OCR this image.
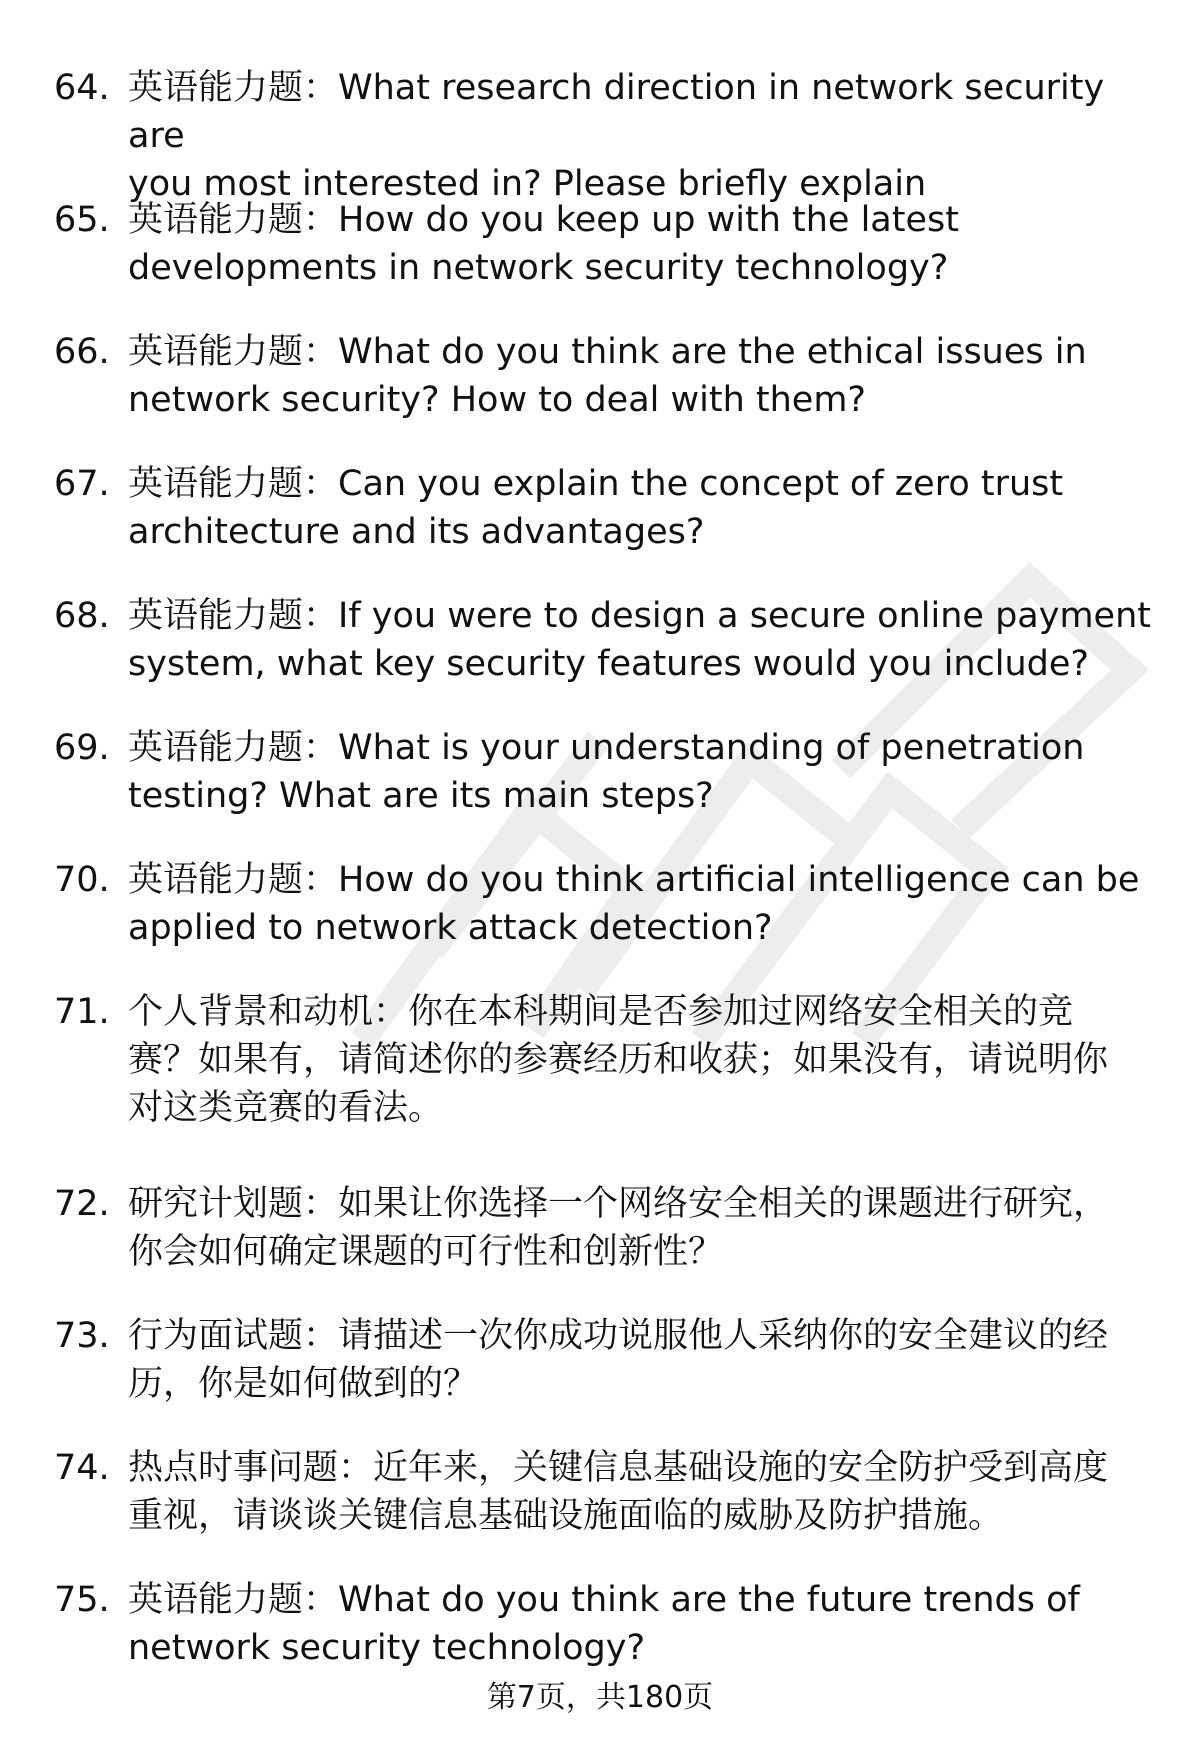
64. 英语能力题：What research direction in network security are
you most interested in? Please briefly explain
65. 英语能力题：How do you keep up with the latest
developments in network security technology?
66. 英语能力题：What do you think are the ethical issues in
network security? How to deal with them?
67. 英语能力题：Can you explain the concept of zero trust
architecture and its advantages?
68. 英语能力题：If you were to design a secure online payment
system, what key security features would you include?
69. 英语能力题：What is your understanding of penetration
testing? What are its main steps?
70. 英语能力题：How do you think artificial intelligence can be
applied to network attack detection?
71. 个人背景和动机：你在本科期间是否参加过网络安全相关的竞
赛？如果有，请简述你的参赛经历和收获；如果没有，请说明你
对这类竞赛的看法。
72. 研究计划题：如果让你选择一个网络安全相关的课题进行研究，
你会如何确定课题的可行性和创新性？
73. 行为面试题：请描述一次你成功说服他人采纳你的安全建议的经
历，你是如何做到的？
74. 热点时事问题：近年来，关键信息基础设施的安全防护受到高度
重视，请谈谈关键信息基础设施面临的威胁及防护措施。
75. 英语能力题：What do you think are the future trends of
network security technology?
第7页，共180页
